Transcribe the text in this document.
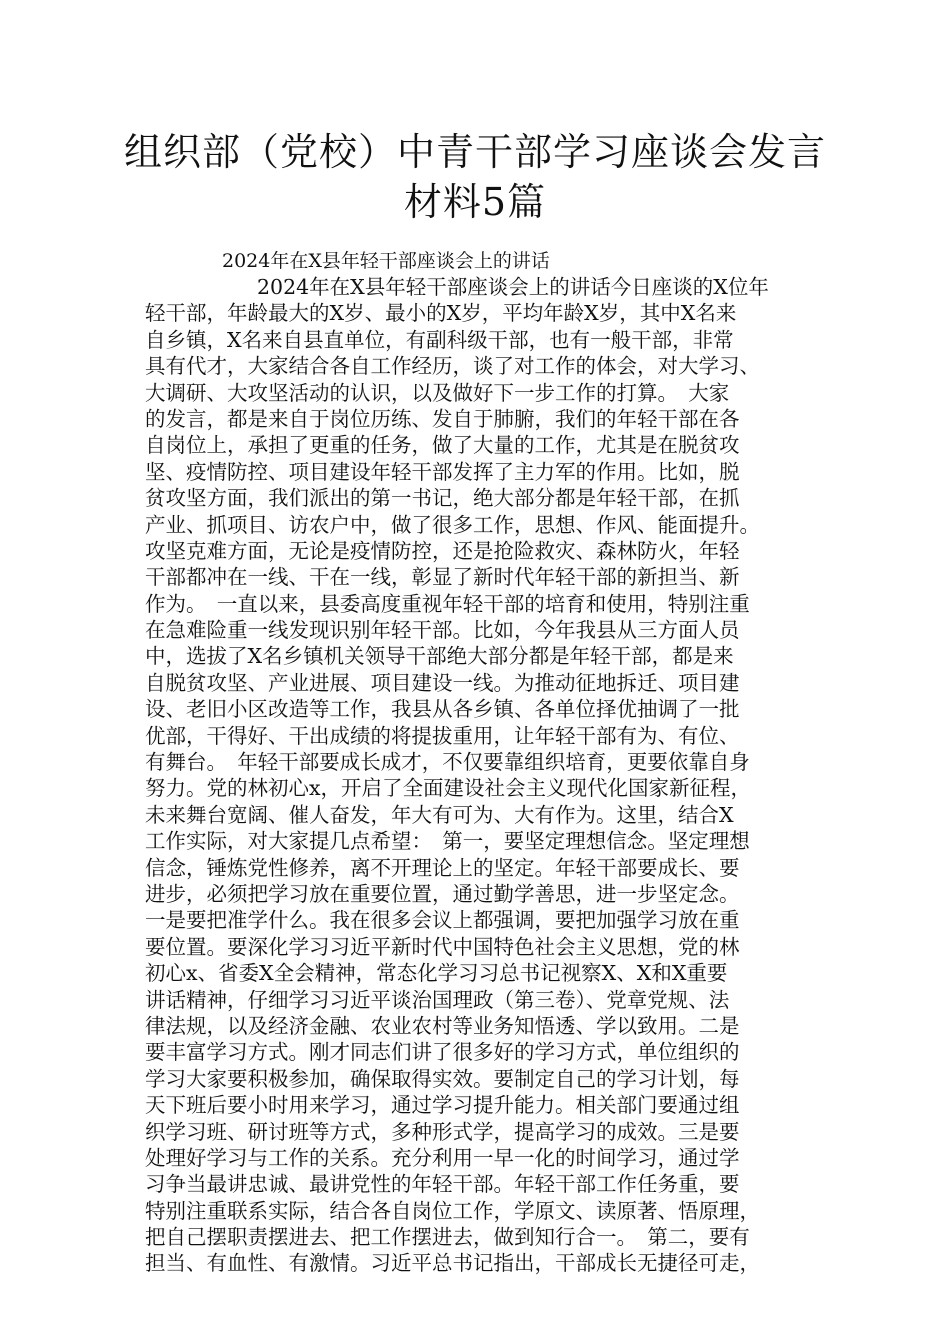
组织部（党校）中青干部学习座谈会发言
材料5篇
2024年在X县年轻干部座谈会上的讲话
2024年在X县年轻干部座谈会上的讲话今日座谈的X位年
轻干部，年龄最大的X岁、最小的X岁，平均年龄X岁，其中X名来
自乡镇，X名来自县直单位，有副科级干部，也有一般干部，非常
具有代才，大家结合各自工作经历，谈了对工作的体会，对大学习、
大调研、大攻坚活动的认识，以及做好下一步工作的打算。　大家
的发言，都是来自于岗位历练、发自于肺腑，我们的年轻干部在各
自岗位上，承担了更重的任务，做了大量的工作，尤其是在脱贫攻
坚、疫情防控、项目建设年轻干部发挥了主力军的作用。比如，脱
贫攻坚方面，我们派出的第一书记，绝大部分都是年轻干部，在抓
产业、抓项目、访农户中，做了很多工作，思想、作风、能面提升。
攻坚克难方面，无论是疫情防控，还是抢险救灾、森林防火，年轻
干部都冲在一线、干在一线，彰显了新时代年轻干部的新担当、新
作为。　一直以来，县委高度重视年轻干部的培育和使用，特别注重
在急难险重一线发现识别年轻干部。比如，今年我县从三方面人员
中，选拔了X名乡镇机关领导干部绝大部分都是年轻干部，都是来
自脱贫攻坚、产业进展、项目建设一线。为推动征地拆迁、项目建
设、老旧小区改造等工作，我县从各乡镇、各单位择优抽调了一批
优部，干得好、干出成绩的将提拔重用，让年轻干部有为、有位、
有舞台。　年轻干部要成长成才，不仅要靠组织培育，更要依靠自身
努力。党的林初心x，开启了全面建设社会主义现代化国家新征程，
未来舞台宽阔、催人奋发，年大有可为、大有作为。这里，结合X
工作实际，对大家提几点希望：　第一，要坚定理想信念。坚定理想
信念，锤炼党性修养，离不开理论上的坚定。年轻干部要成长、要
进步，必须把学习放在重要位置，通过勤学善思，进一步坚定念。
一是要把准学什么。我在很多会议上都强调，要把加强学习放在重
要位置。要深化学习习近平新时代中国特色社会主义思想，党的林
初心x、省委X全会精神，常态化学习习总书记视察X、X和X重要
讲话精神，仔细学习习近平谈治国理政（第三卷）、党章党规、法
律法规，以及经济金融、农业农村等业务知悟透、学以致用。二是
要丰富学习方式。刚才同志们讲了很多好的学习方式，单位组织的
学习大家要积极参加，确保取得实效。要制定自己的学习计划，每
天下班后要小时用来学习，通过学习提升能力。相关部门要通过组
织学习班、研讨班等方式，多种形式学，提高学习的成效。三是要
处理好学习与工作的关系。充分利用一早一化的时间学习，通过学
习争当最讲忠诚、最讲党性的年轻干部。年轻干部工作任务重，要
特别注重联系实际，结合各自岗位工作，学原文、读原著、悟原理，
把自己摆职责摆进去、把工作摆进去，做到知行合一。　第二，要有
担当、有血性、有激情。习近平总书记指出，干部成长无捷径可走，
